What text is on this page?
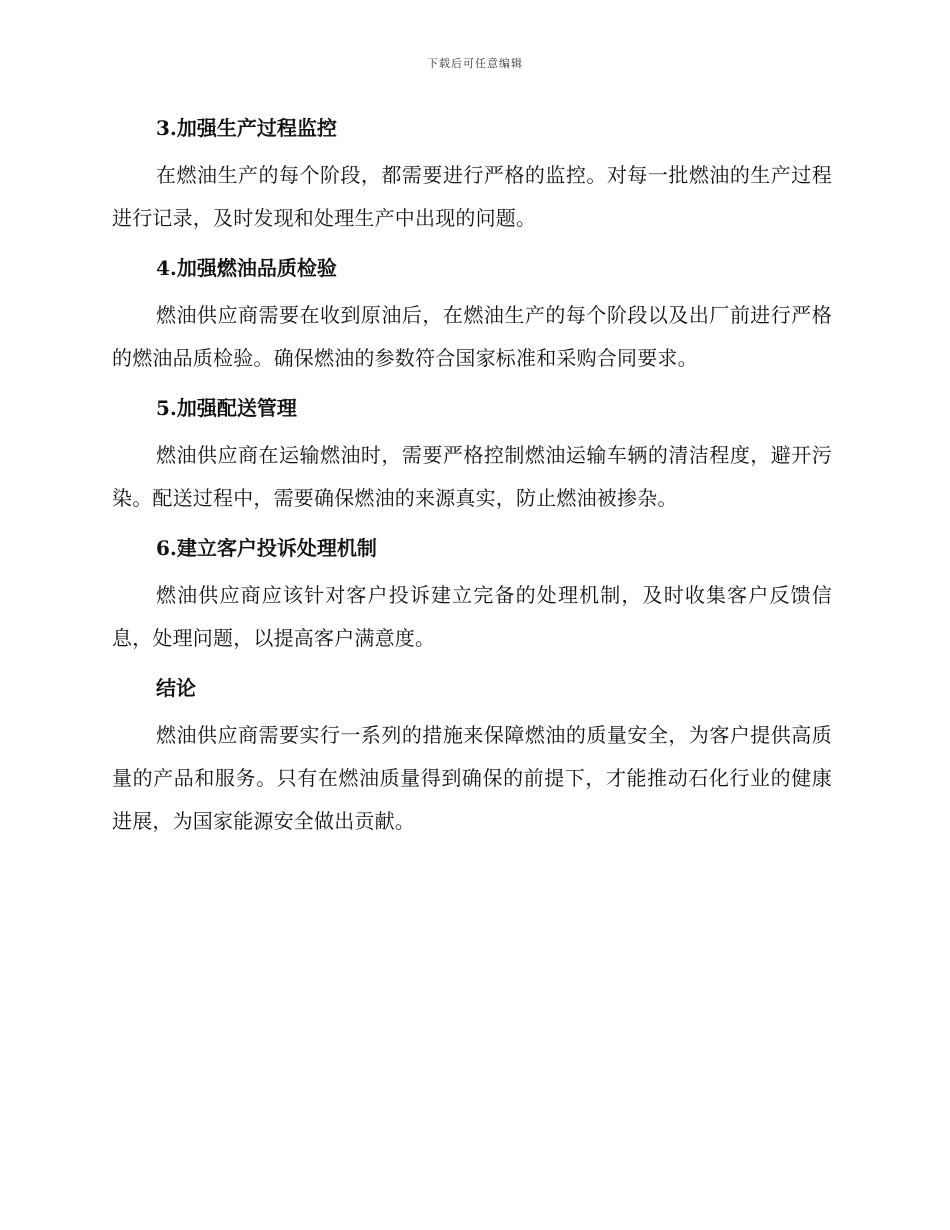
下载后可任意编辑
3.加强生产过程监控

在燃油生产的每个阶段，都需要进行严格的监控。对每一批燃油的生产过程进行记录，及时发现和处理生产中出现的问题。

4.加强燃油品质检验

燃油供应商需要在收到原油后，在燃油生产的每个阶段以及出厂前进行严格的燃油品质检验。确保燃油的参数符合国家标准和采购合同要求。

5.加强配送管理

燃油供应商在运输燃油时，需要严格控制燃油运输车辆的清洁程度，避开污染。配送过程中，需要确保燃油的来源真实，防止燃油被掺杂。

6.建立客户投诉处理机制

燃油供应商应该针对客户投诉建立完备的处理机制，及时收集客户反馈信息，处理问题，以提高客户满意度。

结论

燃油供应商需要实行一系列的措施来保障燃油的质量安全，为客户提供高质量的产品和服务。只有在燃油质量得到确保的前提下，才能推动石化行业的健康进展，为国家能源安全做出贡献。
